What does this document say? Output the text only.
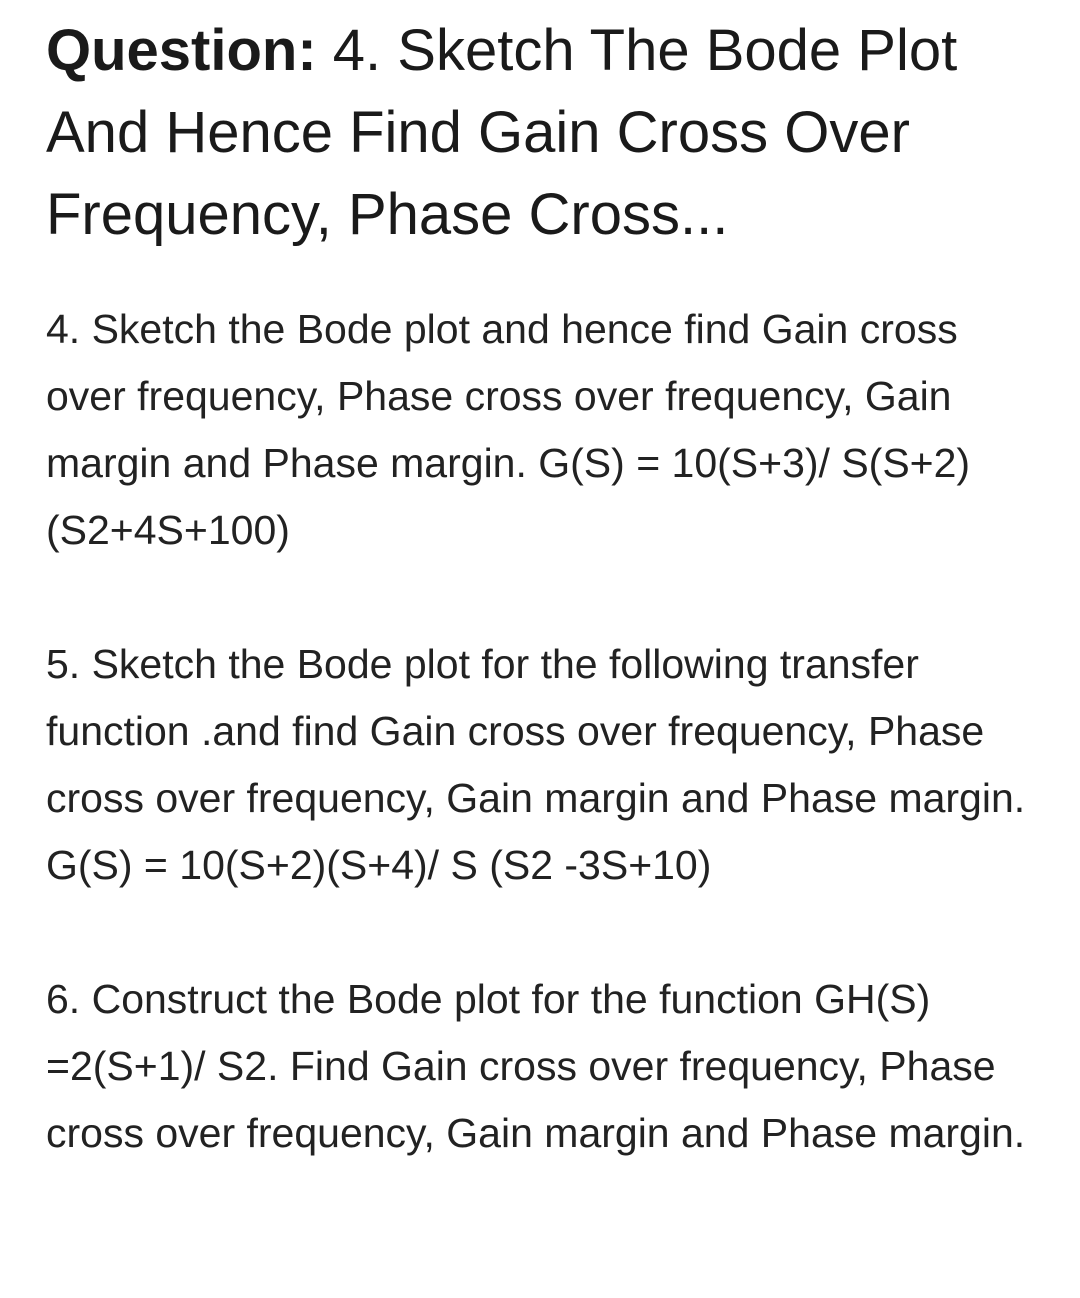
Question: 4. Sketch The Bode Plot And Hence Find Gain Cross Over Frequency, Phase Cross...

4. Sketch the Bode plot and hence find Gain cross over frequency, Phase cross over frequency, Gain margin and Phase margin. G(S) = 10(S+3)/ S(S+2) (S2+4S+100)

5. Sketch the Bode plot for the following transfer function .and find Gain cross over frequency, Phase cross over frequency, Gain margin and Phase margin.

G(S) = 10(S+2)(S+4)/ S (S2 -3S+10)

6. Construct the Bode plot for the function GH(S) =2(S+1)/ S2. Find Gain cross over frequency, Phase cross over frequency, Gain margin and Phase margin.
